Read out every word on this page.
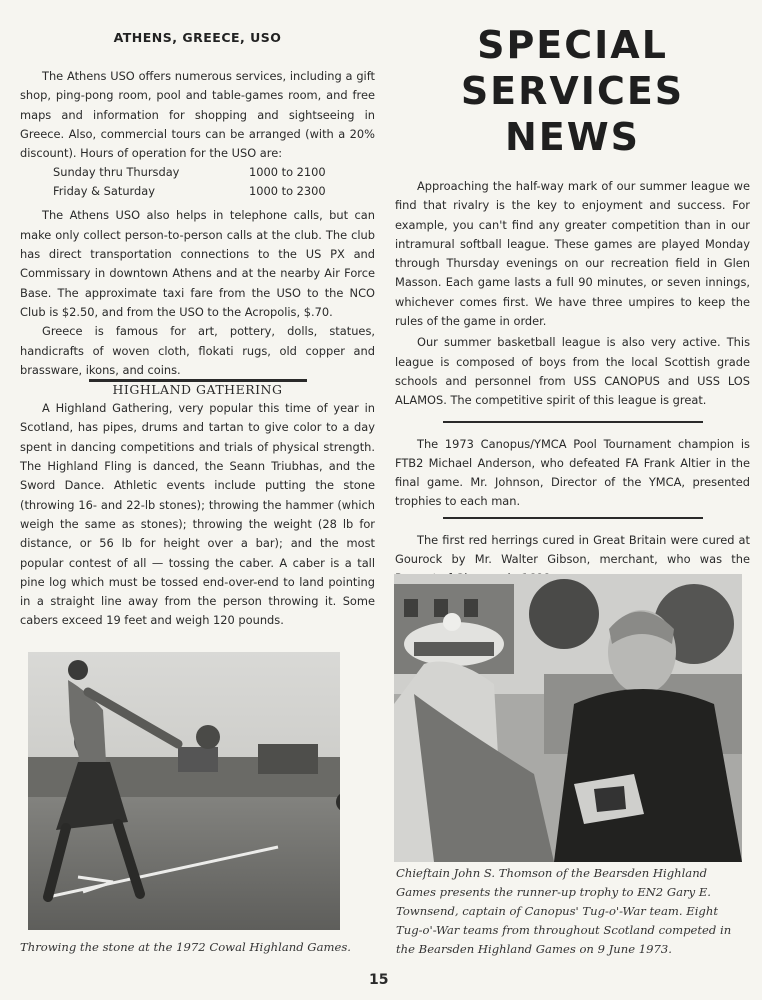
ATHENS, GREECE, USO

The Athens USO offers numerous services, including a gift shop, ping-pong room, pool and table-games room, and free maps and information for shopping and sightseeing in Greece. Also, commercial tours can be arranged (with a 20% discount). Hours of operation for the USO are:

Sunday thru Thursday	1000 to 2100
Friday & Saturday	1000 to 2300

The Athens USO also helps in telephone calls, but can make only collect person-to-person calls at the club. The club has direct transportation connections to the US PX and Commissary in downtown Athens and at the nearby Air Force Base. The approximate taxi fare from the USO to the NCO Club is $2.50, and from the USO to the Acropolis, $.70.

Greece is famous for art, pottery, dolls, statues, handicrafts of woven cloth, flokati rugs, old copper and brassware, ikons, and coins.

HIGHLAND GATHERING

A Highland Gathering, very popular this time of year in Scotland, has pipes, drums and tartan to give color to a day spent in dancing competitions and trials of physical strength. The Highland Fling is danced, the Seann Triubhas, and the Sword Dance. Athletic events include putting the stone (throwing 16- and 22-lb stones); throwing the hammer (which weigh the same as stones); throwing the weight (28 lb for distance, or 56 lb for height over a bar); and the most popular contest of all — tossing the caber. A caber is a tall pine log which must be tossed end-over-end to land pointing in a straight line away from the person throwing it. Some cabers exceed 19 feet and weigh 120 pounds.

Throwing the stone at the 1972 Cowal Highland Games.
SPECIAL SERVICES
NEWS

Approaching the half-way mark of our summer league we find that rivalry is the key to enjoyment and success. For example, you can't find any greater competition than in our intramural softball league. These games are played Monday through Thursday evenings on our recreation field in Glen Masson. Each game lasts a full 90 minutes, or seven innings, whichever comes first. We have three umpires to keep the rules of the game in order.

Our summer basketball league is also very active. This league is composed of boys from the local Scottish grade schools and personnel from USS CANOPUS and USS LOS ALAMOS. The competitive spirit of this league is great.

The 1973 Canopus/YMCA Pool Tournament champion is FTB2 Michael Anderson, who defeated FA Frank Altier in the final game. Mr. Johnson, Director of the YMCA, presented trophies to each man.

The first red herrings cured in Great Britain were cured at Gourock by Mr. Walter Gibson, merchant, who was the

Chieftain John S. Thomson of the Bearsden Highland Games presents the runner-up trophy to EN2 Gary E. Townsend, captain of Canopus' Tug-o'-War team. Eight Tug-o'-War teams from throughout Scotland competed in the Bearsden Highland Games on 9 June 1973.
15
